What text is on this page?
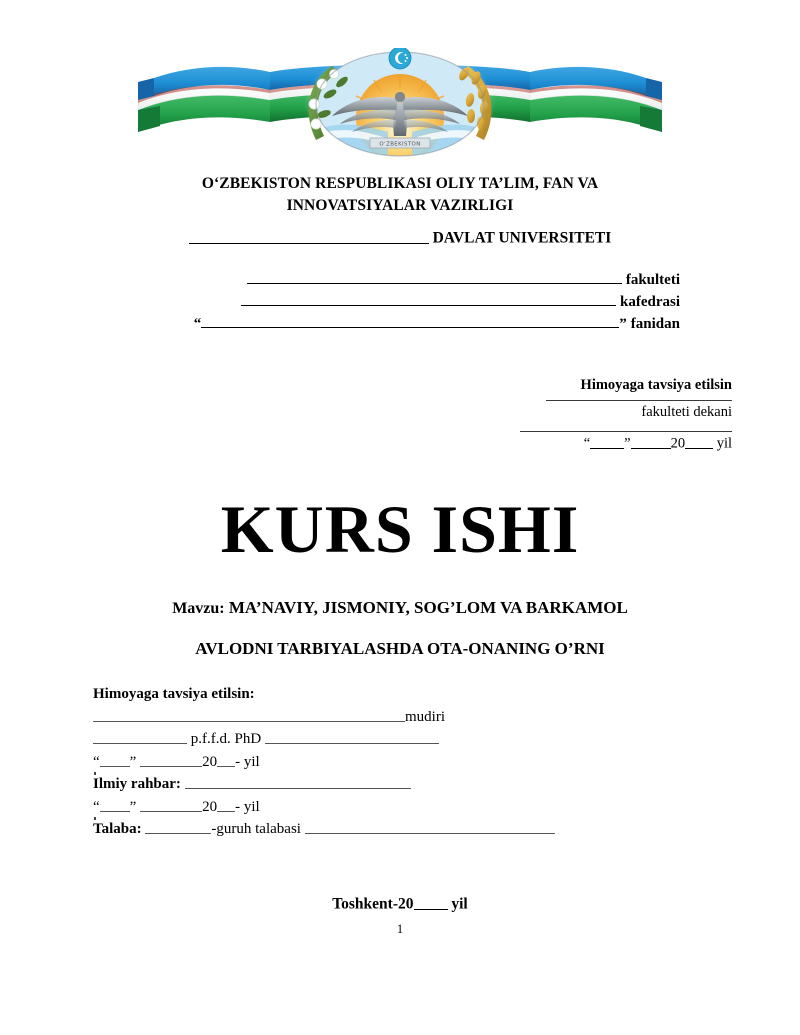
O‘ZBEKISTON
O‘ZBEKISTON RESPUBLIKASI OLIY TA’LIM, FAN VA
INNOVATSIYALAR VAZIRLIGI
DAVLAT UNIVERSITETI
fakulteti
kafedrasi
“	” fanidan
Himoyaga tavsiya etilsin
fakulteti dekani
“ ”	20 yil
KURS ISHI
Mavzu: MA’NAVIY, JISMONIY, SOG’LOM VA BARKAMOL
AVLODNI TARBIYALASHDA OTA-ONANING O’RNI
Himoyaga tavsiya etilsin:
mudiri
p.f.f.d. PhD
“ ”	20 - yil
Ilmiy rahbar:
“ ”	20 - yil
Talaba:	-guruh talabasi
Toshkent-20 yil
1
